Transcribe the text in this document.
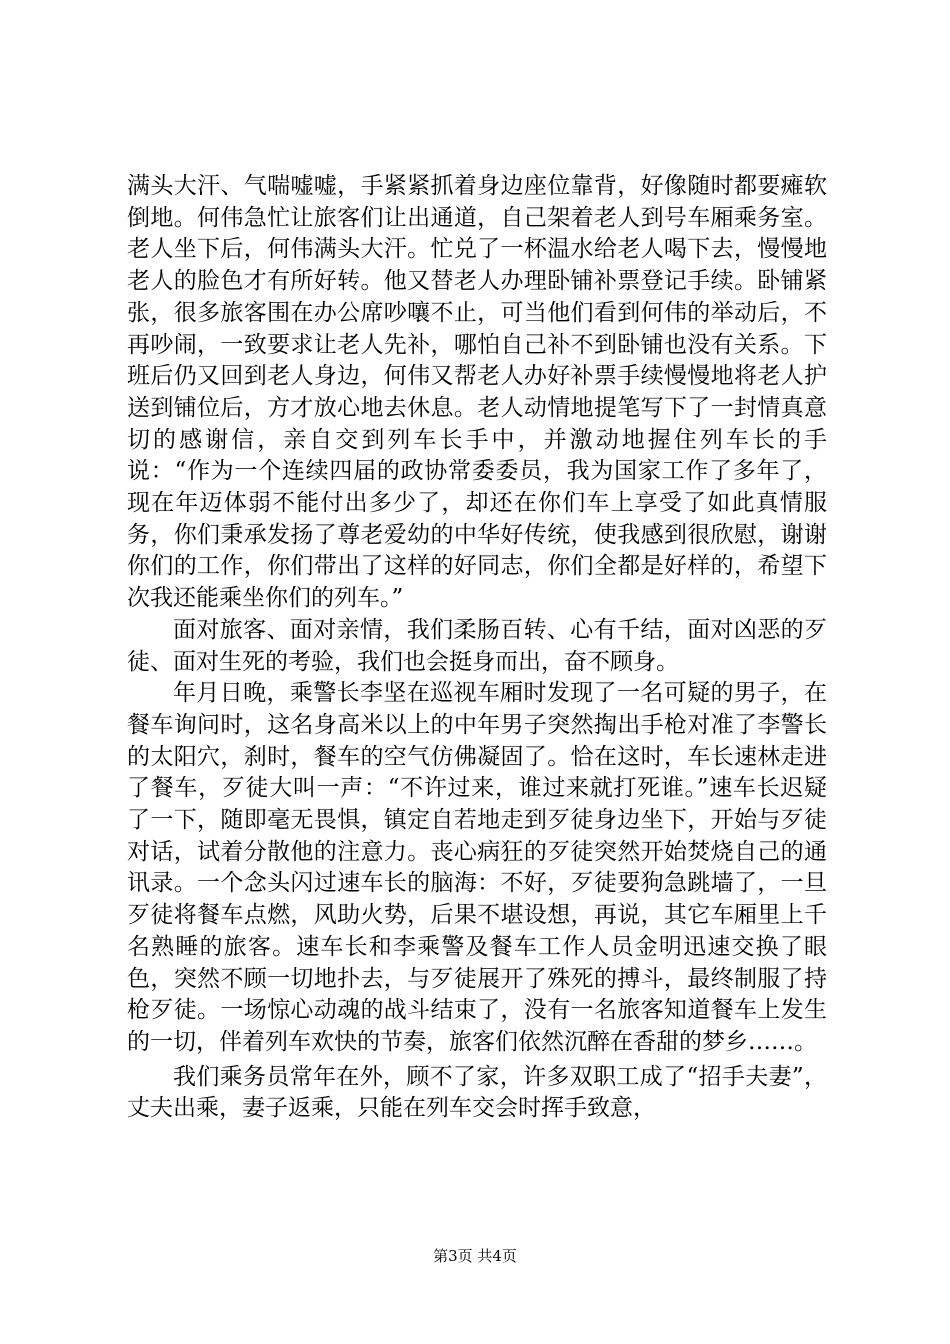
满头大汗、气喘嘘嘘，手紧紧抓着身边座位靠背，好像随时都要瘫软倒地。何伟急忙让旅客们让出通道，自己架着老人到号车厢乘务室。老人坐下后，何伟满头大汗。忙兑了一杯温水给老人喝下去，慢慢地老人的脸色才有所好转。他又替老人办理卧铺补票登记手续。卧铺紧张，很多旅客围在办公席吵嚷不止，可当他们看到何伟的举动后，不再吵闹，一致要求让老人先补，哪怕自己补不到卧铺也没有关系。下班后仍又回到老人身边，何伟又帮老人办好补票手续慢慢地将老人护送到铺位后，方才放心地去休息。老人动情地提笔写下了一封情真意切的感谢信，亲自交到列车长手中，并激动地握住列车长的手说：“作为一个连续四届的政协常委委员，我为国家工作了多年了，现在年迈体弱不能付出多少了，却还在你们车上享受了如此真情服务，你们秉承发扬了尊老爱幼的中华好传统，使我感到很欣慰，谢谢你们的工作，你们带出了这样的好同志，你们全都是好样的，希望下次我还能乘坐你们的列车。”

面对旅客、面对亲情，我们柔肠百转、心有千结，面对凶恶的歹徒、面对生死的考验，我们也会挺身而出，奋不顾身。

年月日晚，乘警长李坚在巡视车厢时发现了一名可疑的男子，在餐车询问时，这名身高米以上的中年男子突然掏出手枪对准了李警长的太阳穴，刹时，餐车的空气仿佛凝固了。恰在这时，车长速林走进了餐车，歹徒大叫一声：“不许过来，谁过来就打死谁。”速车长迟疑了一下，随即毫无畏惧，镇定自若地走到歹徒身边坐下，开始与歹徒对话，试着分散他的注意力。丧心病狂的歹徒突然开始焚烧自己的通讯录。一个念头闪过速车长的脑海：不好，歹徒要狗急跳墙了，一旦歹徒将餐车点燃，风助火势，后果不堪设想，再说，其它车厢里上千名熟睡的旅客。速车长和李乘警及餐车工作人员金明迅速交换了眼色，突然不顾一切地扑去，与歹徒展开了殊死的搏斗，最终制服了持枪歹徒。一场惊心动魂的战斗结束了，没有一名旅客知道餐车上发生的一切，伴着列车欢快的节奏，旅客们依然沉醉在香甜的梦乡……。

我们乘务员常年在外，顾不了家，许多双职工成了“招手夫妻”，丈夫出乘，妻子返乘，只能在列车交会时挥手致意，

第3页 共4页
